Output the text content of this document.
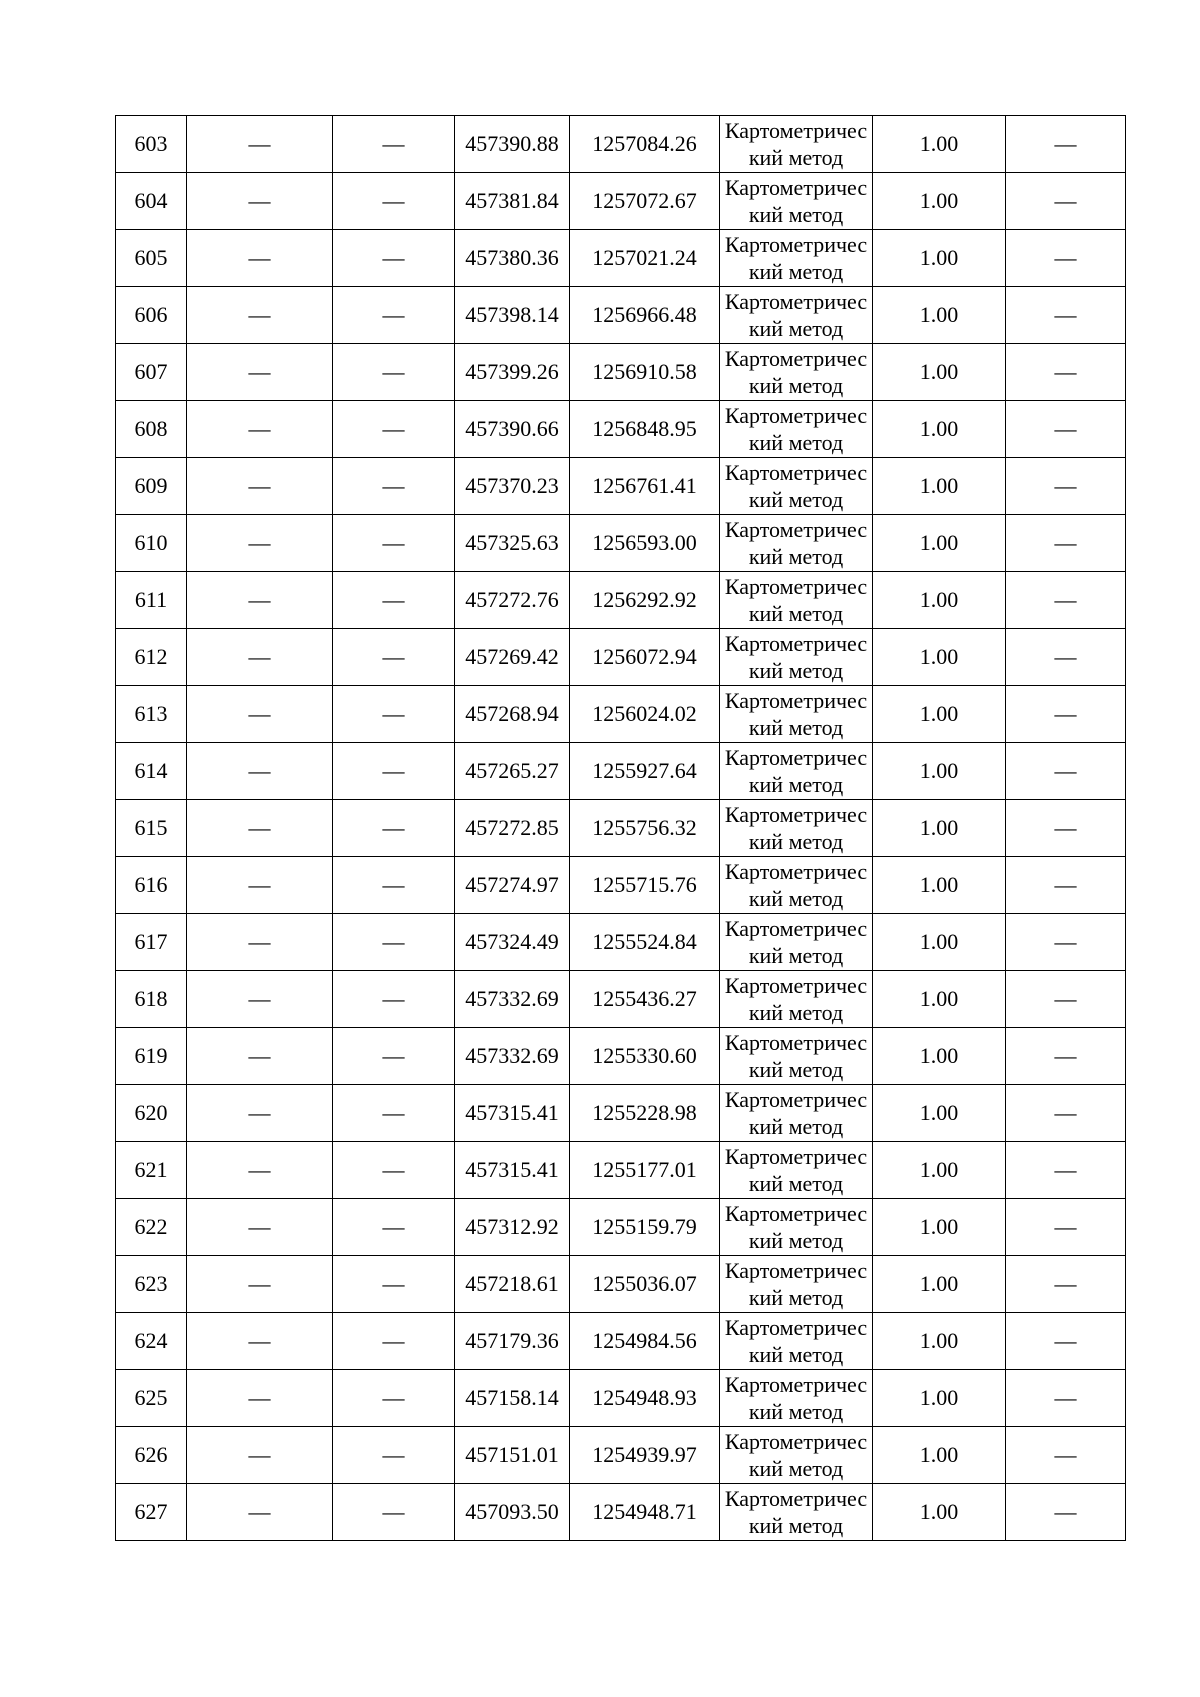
603	—	—	457390.88	1257084.26	Картометрический метод	1.00	—
604	—	—	457381.84	1257072.67	Картометрический метод	1.00	—
605	—	—	457380.36	1257021.24	Картометрический метод	1.00	—
606	—	—	457398.14	1256966.48	Картометрический метод	1.00	—
607	—	—	457399.26	1256910.58	Картометрический метод	1.00	—
608	—	—	457390.66	1256848.95	Картометрический метод	1.00	—
609	—	—	457370.23	1256761.41	Картометрический метод	1.00	—
610	—	—	457325.63	1256593.00	Картометрический метод	1.00	—
611	—	—	457272.76	1256292.92	Картометрический метод	1.00	—
612	—	—	457269.42	1256072.94	Картометрический метод	1.00	—
613	—	—	457268.94	1256024.02	Картометрический метод	1.00	—
614	—	—	457265.27	1255927.64	Картометрический метод	1.00	—
615	—	—	457272.85	1255756.32	Картометрический метод	1.00	—
616	—	—	457274.97	1255715.76	Картометрический метод	1.00	—
617	—	—	457324.49	1255524.84	Картометрический метод	1.00	—
618	—	—	457332.69	1255436.27	Картометрический метод	1.00	—
619	—	—	457332.69	1255330.60	Картометрический метод	1.00	—
620	—	—	457315.41	1255228.98	Картометрический метод	1.00	—
621	—	—	457315.41	1255177.01	Картометрический метод	1.00	—
622	—	—	457312.92	1255159.79	Картометрический метод	1.00	—
623	—	—	457218.61	1255036.07	Картометрический метод	1.00	—
624	—	—	457179.36	1254984.56	Картометрический метод	1.00	—
625	—	—	457158.14	1254948.93	Картометрический метод	1.00	—
626	—	—	457151.01	1254939.97	Картометрический метод	1.00	—
627	—	—	457093.50	1254948.71	Картометрический метод	1.00	—
